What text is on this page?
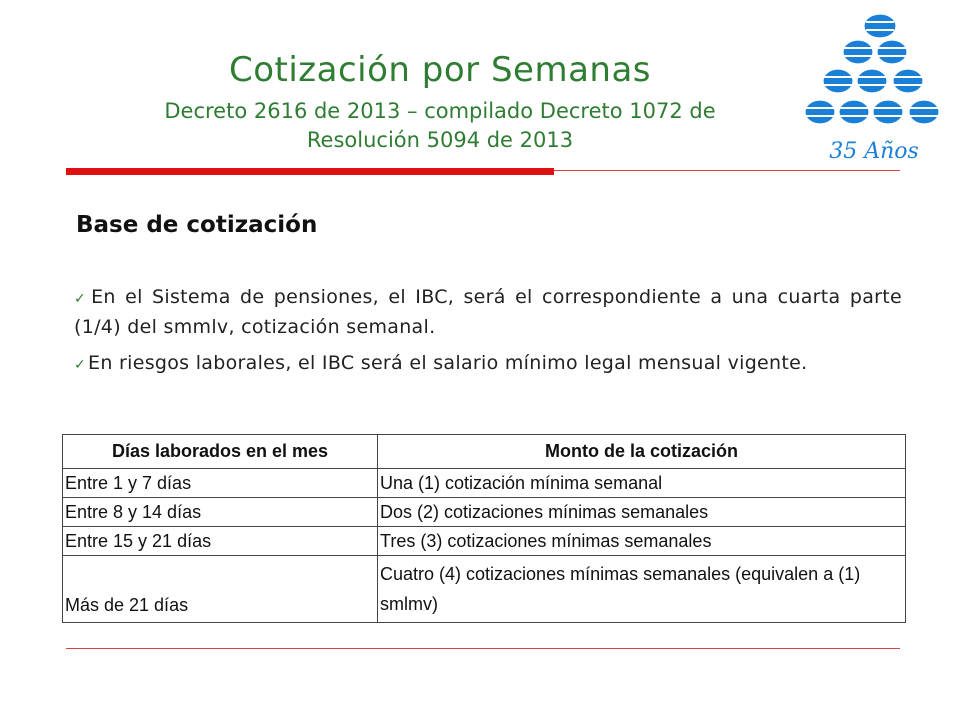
Cotización por Semanas
Decreto 2616 de 2013 – compilado Decreto 1072 de
Resolución 5094 de 2013	35 Años
Base de cotización
✓ En el Sistema de pensiones, el IBC, será el correspondiente a una cuarta parte (1/4) del smmlv, cotización semanal.
✓ En riesgos laborales, el IBC será el salario mínimo legal mensual vigente.
Días laborados en el mes	Monto de la cotización
Entre 1 y 7 días	Una (1) cotización mínima semanal
Entre 8 y 14 días	Dos (2) cotizaciones mínimas semanales
Entre 15 y 21 días	Tres (3) cotizaciones mínimas semanales
Más de 21 días	Cuatro (4) cotizaciones mínimas semanales (equivalen a (1) smlmv)
